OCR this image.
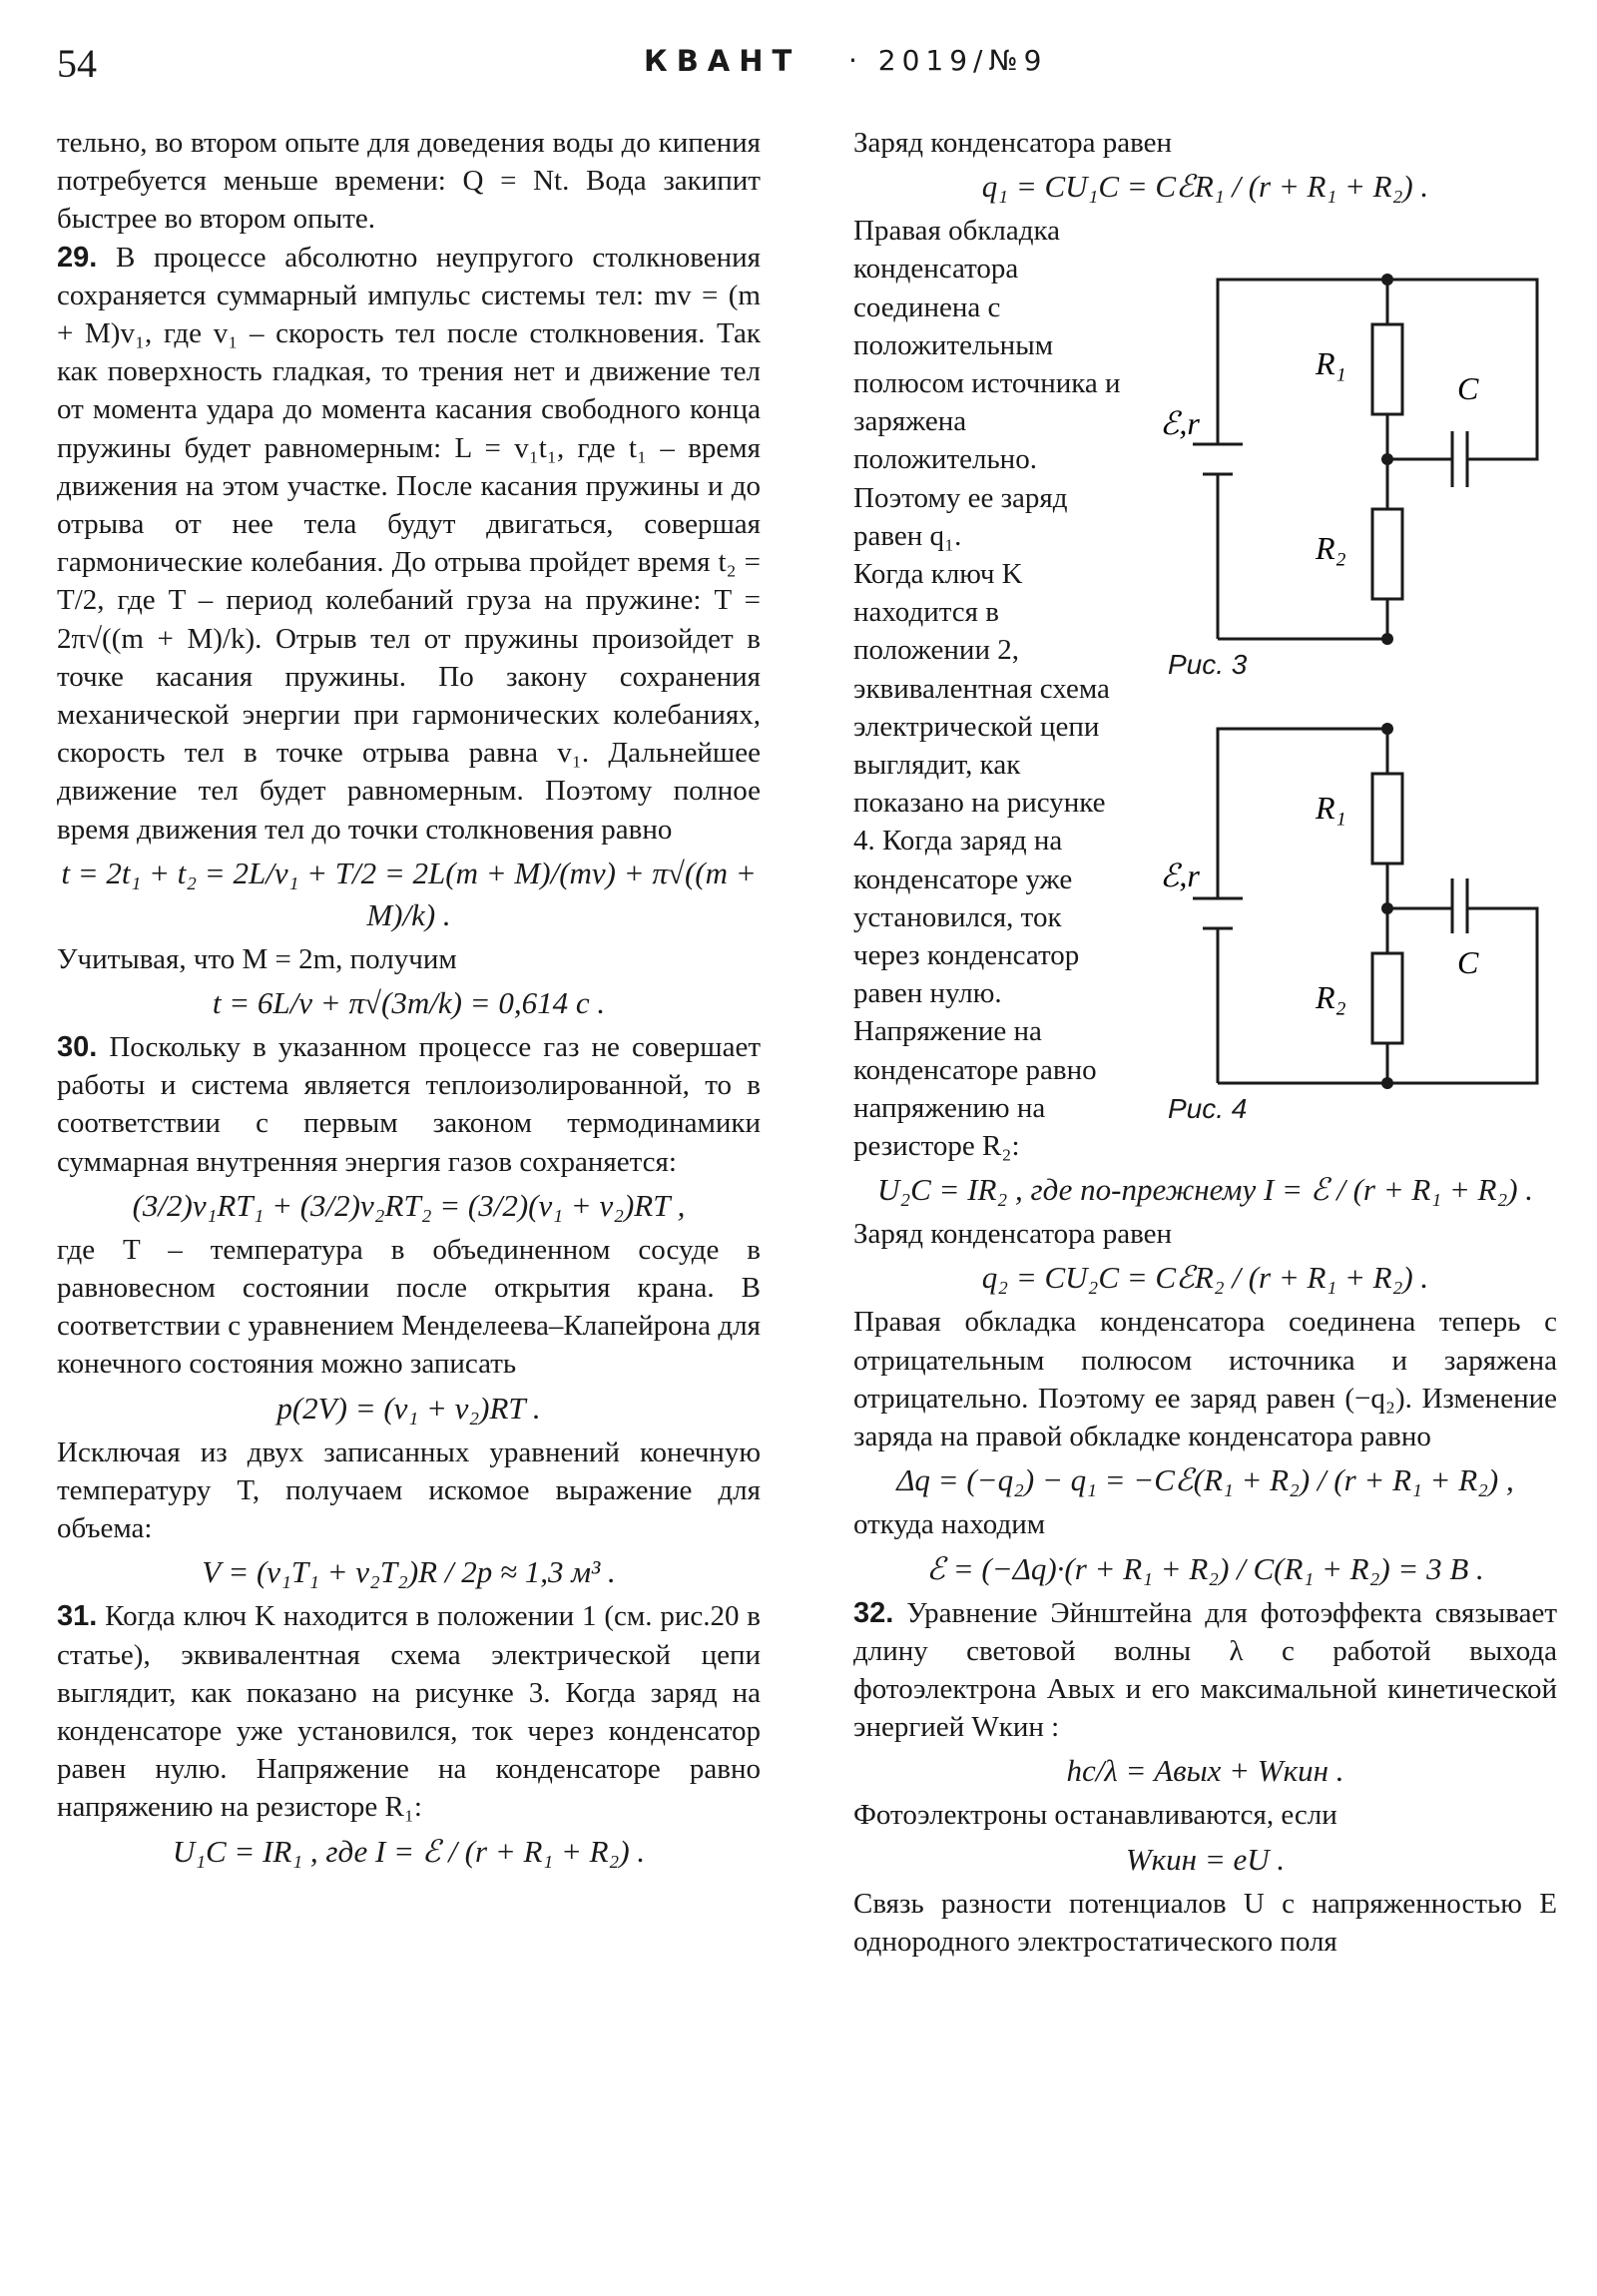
54	КВАНТ · 2019/№9

тельно, во втором опыте для доведения воды до кипения потребуется меньше времени: Q = Nt. Вода закипит быстрее во втором опыте.

29. В процессе абсолютно неупругого столкновения сохраняется суммарный импульс системы тел: mv = (m + M)v₁, где v₁ – скорость тел после столкновения. Так как поверхность гладкая, то трения нет и движение тел от момента удара до момента касания свободного конца пружины будет равномерным: L = v₁t₁, где t₁ – время движения на этом участке. После касания пружины и до отрыва от нее тела будут двигаться, совершая гармонические колебания. До отрыва пройдет время t₂ = T/2, где T – период колебаний груза на пружине: T = 2π√((m + M)/k). Отрыв тел от пружины произойдет в точке касания пружины. По закону сохранения механической энергии при гармонических колебаниях, скорость тел в точке отрыва равна v₁. Дальнейшее движение тел будет равномерным. Поэтому полное время движения тел до точки столкновения равно

t = 2t₁ + t₂ = 2L/v₁ + T/2 = 2L(m + M)/(mv) + π√((m + M)/k) .

Учитывая, что M = 2m, получим

t = 6L/v + π√(3m/k) = 0,614 с .

30. Поскольку в указанном процессе газ не совершает работы и система является теплоизолированной, то в соответствии с первым законом термодинамики суммарная внутренняя энергия газов сохраняется:

(3/2)ν₁RT₁ + (3/2)ν₂RT₂ = (3/2)(ν₁ + ν₂)RT ,

где T – температура в объединенном сосуде в равновесном состоянии после открытия крана. В соответствии с уравнением Менделеева–Клапейрона для конечного состояния можно записать

p(2V) = (ν₁ + ν₂)RT .

Исключая из двух записанных уравнений конечную температуру T, получаем искомое выражение для объема:

V = (ν₁T₁ + ν₂T₂)R / 2p ≈ 1,3 м³ .

31. Когда ключ K находится в положении 1 (см. рис.20 в статье), эквивалентная схема электрической цепи выглядит, как показано на рисунке 3. Когда заряд на конденсаторе уже установился, ток через конденсатор равен нулю. Напряжение на конденсаторе равно напряжению на резисторе R₁:

U₁C = IR₁ , где I = ℰ / (r + R₁ + R₂) .

Заряд конденсатора равен

q₁ = CU₁C = CℰR₁ / (r + R₁ + R₂) .

Правая обкладка конденсатора соединена с положительным полюсом источника и заряжена положительно. Поэтому ее заряд равен q₁.

Когда ключ K находится в положении 2, эквивалентная схема электрической цепи выглядит, как показано на рисунке 4. Когда заряд на конденсаторе уже установился, ток через конденсатор равен нулю. Напряжение на конденсаторе равно напряжению на резисторе R₂:

U₂C = IR₂ , где по-прежнему I = ℰ / (r + R₁ + R₂) .

Заряд конденсатора равен

q₂ = CU₂C = CℰR₂ / (r + R₁ + R₂) .

Правая обкладка конденсатора соединена теперь с отрицательным полюсом источника и заряжена отрицательно. Поэтому ее заряд равен (−q₂). Изменение заряда на правой обкладке конденсатора равно

Δq = (−q₂) − q₁ = −Cℰ(R₁ + R₂) / (r + R₁ + R₂) ,

откуда находим

ℰ = (−Δq)·(r + R₁ + R₂) / C(R₁ + R₂) = 3 В .

32. Уравнение Эйнштейна для фотоэффекта связывает длину световой волны λ с работой выхода фотоэлектрона Aвых и его максимальной кинетической энергией Wкин :

hc/λ = Aвых + Wкин .

Фотоэлектроны останавливаются, если

Wкин = eU .

Связь разности потенциалов U с напряженностью E однородного электростатического поля

R₁
R₂
C
ℰ,r
Рис. 3
R₁
R₂
C
ℰ,r
Рис. 4
